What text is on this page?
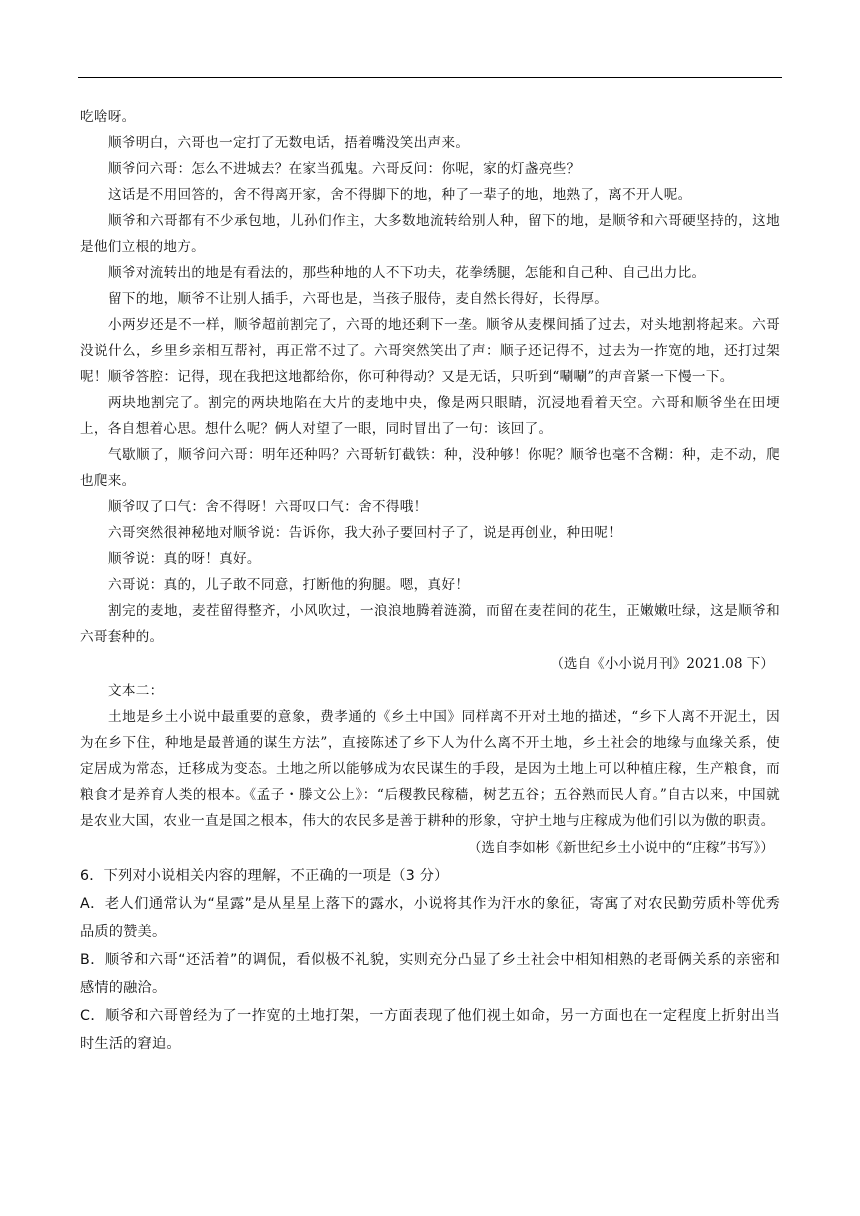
吃啥呀。

顺爷明白，六哥也一定打了无数电话，捂着嘴没笑出声来。

顺爷问六哥：怎么不进城去？在家当孤鬼。六哥反问：你呢，家的灯盏亮些？

这话是不用回答的，舍不得离开家，舍不得脚下的地，种了一辈子的地，地熟了，离不开人呢。

顺爷和六哥都有不少承包地，儿孙们作主，大多数地流转给别人种，留下的地，是顺爷和六哥硬坚持的，这地是他们立根的地方。

顺爷对流转出的地是有看法的，那些种地的人不下功夫，花拳绣腿，怎能和自己种、自己出力比。

留下的地，顺爷不让别人插手，六哥也是，当孩子服侍，麦自然长得好，长得厚。

小两岁还是不一样，顺爷超前割完了，六哥的地还剩下一垄。顺爷从麦棵间插了过去，对头地割将起来。六哥没说什么，乡里乡亲相互帮衬，再正常不过了。六哥突然笑出了声：顺子还记得不，过去为一拃宽的地，还打过架呢！顺爷答腔：记得，现在我把这地都给你，你可种得动？又是无话，只听到“唰唰”的声音紧一下慢一下。

两块地割完了。割完的两块地陷在大片的麦地中央，像是两只眼睛，沉浸地看着天空。六哥和顺爷坐在田埂上，各自想着心思。想什么呢？俩人对望了一眼，同时冒出了一句：该回了。

气歇顺了，顺爷问六哥：明年还种吗？六哥斩钉截铁：种，没种够！你呢？顺爷也毫不含糊：种，走不动，爬也爬来。

顺爷叹了口气：舍不得呀！六哥叹口气：舍不得哦！

六哥突然很神秘地对顺爷说：告诉你，我大孙子要回村子了，说是再创业，种田呢！

顺爷说：真的呀！真好。

六哥说：真的，儿子敢不同意，打断他的狗腿。嗯，真好！

割完的麦地，麦茬留得整齐，小风吹过，一浪浪地腾着涟漪，而留在麦茬间的花生，正嫩嫩吐绿，这是顺爷和六哥套种的。

（选自《小小说月刊》2021.08 下）

文本二：

土地是乡土小说中最重要的意象，费孝通的《乡土中国》同样离不开对土地的描述，“乡下人离不开泥土，因为在乡下住，种地是最普通的谋生方法”，直接陈述了乡下人为什么离不开土地，乡土社会的地缘与血缘关系，使定居成为常态，迁移成为变态。土地之所以能够成为农民谋生的手段，是因为土地上可以种植庄稼，生产粮食，而粮食才是养育人类的根本。《孟子・滕文公上》：“后稷教民稼穑，树艺五谷；五谷熟而民人育。”自古以来，中国就是农业大国，农业一直是国之根本，伟大的农民多是善于耕种的形象，守护土地与庄稼成为他们引以为傲的职责。

（选自李如彬《新世纪乡土小说中的“庄稼”书写》）

6．下列对小说相关内容的理解，不正确的一项是（3 分）

A．老人们通常认为“星露”是从星星上落下的露水，小说将其作为汗水的象征，寄寓了对农民勤劳质朴等优秀品质的赞美。

B．顺爷和六哥“还活着”的调侃，看似极不礼貌，实则充分凸显了乡土社会中相知相熟的老哥俩关系的亲密和感情的融洽。

C．顺爷和六哥曾经为了一拃宽的土地打架，一方面表现了他们视土如命，另一方面也在一定程度上折射出当时生活的窘迫。
